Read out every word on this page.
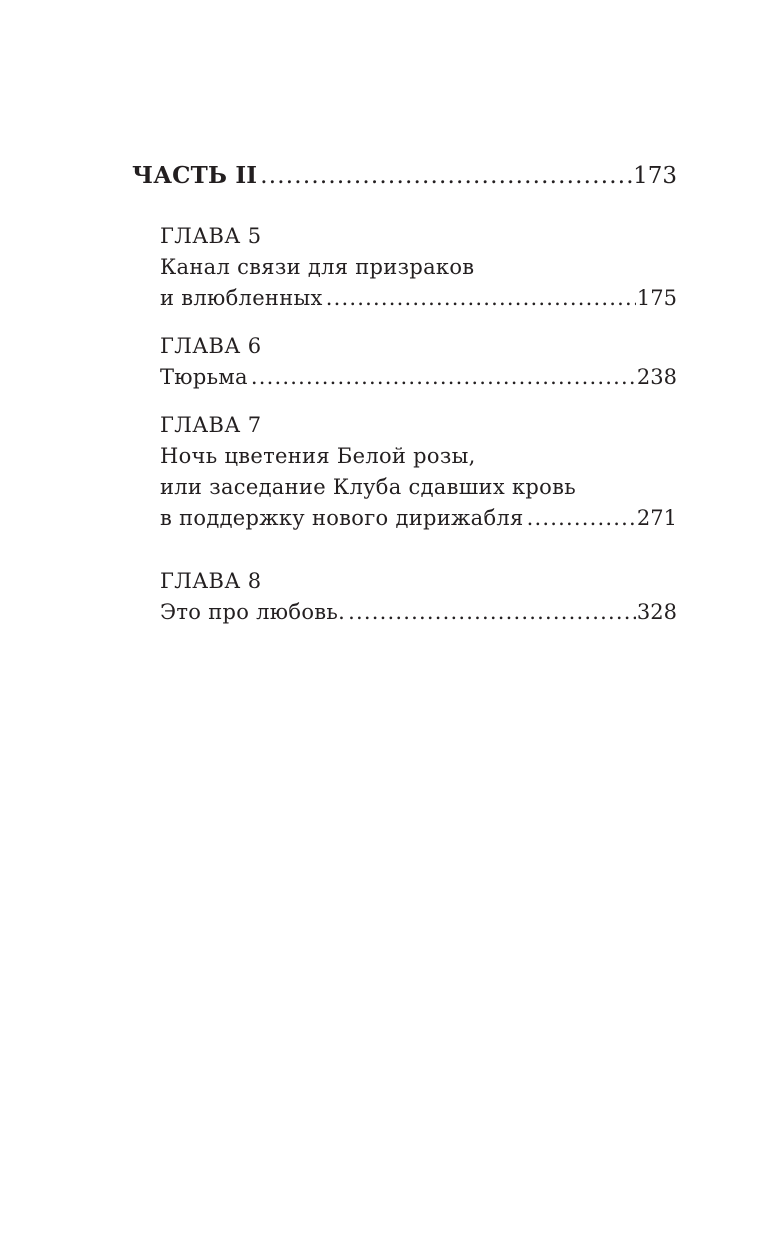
ЧАСТЬ II .....	173
ГЛАВА 5
Канал связи для призраков
и влюбленных .....	175
ГЛАВА 6
Тюрьма .....	238
ГЛАВА 7
Ночь цветения Белой розы,
или заседание Клуба сдавших кровь
в поддержку нового дирижабля .....	271
ГЛАВА 8
Это про любовь. .....	328
